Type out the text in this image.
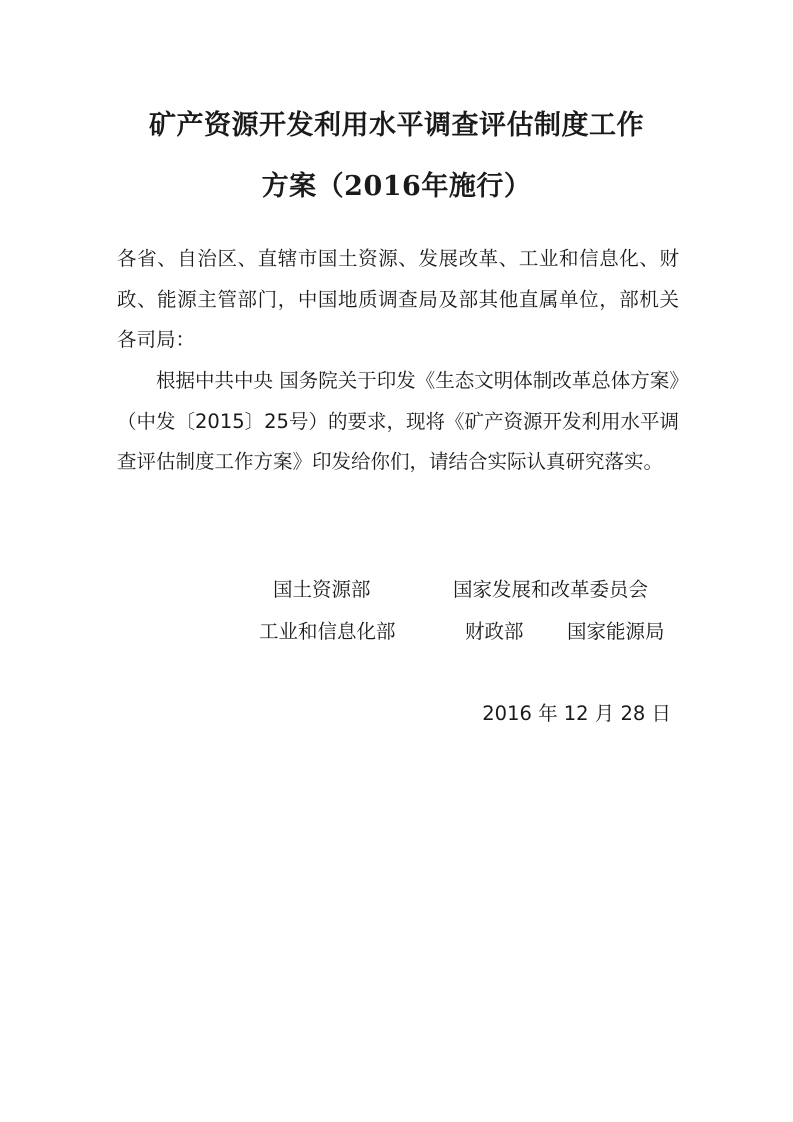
矿产资源开发利用水平调查评估制度工作
方案（2016年施行）

各省、自治区、直辖市国土资源、发展改革、工业和信息化、财政、能源主管部门，中国地质调查局及部其他直属单位，部机关各司局：

根据中共中央 国务院关于印发《生态文明体制改革总体方案》（中发〔2015〕25号）的要求，现将《矿产资源开发利用水平调查评估制度工作方案》印发给你们，请结合实际认真研究落实。

国土资源部	国家发展和改革委员会
工业和信息化部	财政部 国家能源局
2016 年 12 月 28 日
